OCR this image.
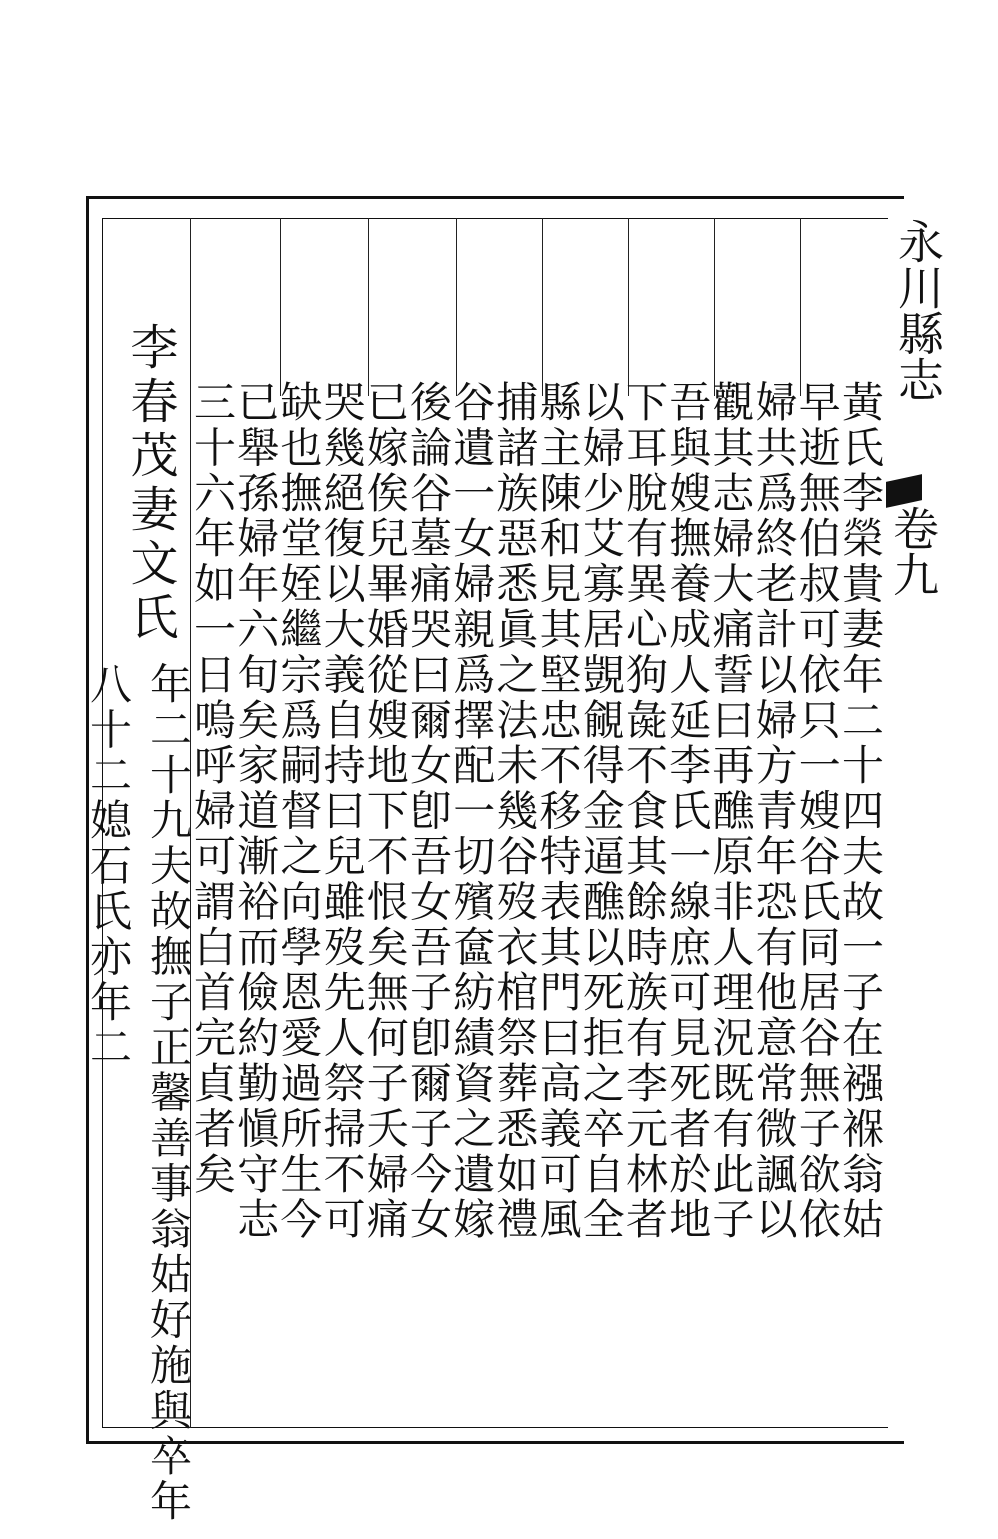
永川縣志
卷九
黃氏李榮貴妻年二十四夫故一子在襁褓翁姑
早逝無伯叔可依只一嫂谷氏同居谷無子欲依
婦共爲終老計以婦方青年恐有他意常微諷以
觀其志婦大痛誓曰再醮原非人理況既有此子
吾與嫂撫養成人延李氏一線庶可見死者於地
下耳脫有異心狗彘不食其餘時族有李元林者
以婦少艾寡居覬覦得金逼醮以死拒之卒自全
縣主陳和見其堅忠不移特表其門曰高義可風
捕諸族惡悉眞之法未幾谷歿衣棺祭葬悉如禮
谷遺一女婦親爲擇配一切殯奩紡績資之遺嫁
後論谷墓痛哭曰爾女卽吾女吾子卽爾子今女
已嫁俟兒畢婚從嫂地下不恨矣無何子夭婦痛
哭幾絕復以大義自持曰兒雖歿先人祭掃不可
缺也撫堂姪繼宗爲嗣督之向學恩愛過所生今
已舉孫婦年六旬矣家道漸裕而儉約勤愼守志
三十六年如一日嗚呼婦可謂白首完貞者矣
李春茂妻文氏
年二十九夫故撫子正馨善事翁姑好施與卒年八十二媳石氏亦年二
